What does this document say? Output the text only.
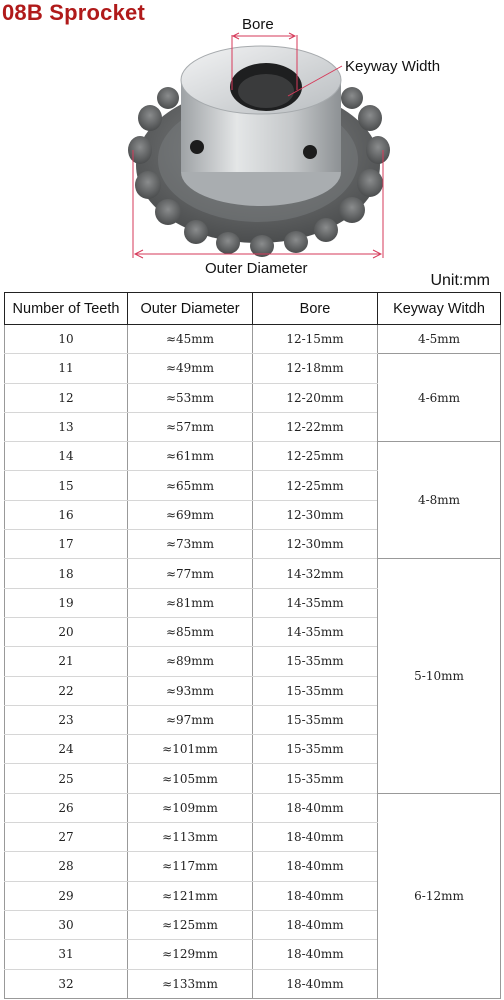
08B Sprocket	Bore
Keyway Width
Outer Diameter
Unit:mm
Number of Teeth	Outer Diameter	Bore	Keyway Witdh
10	≈45mm	12-15mm	4-5mm
11	≈49mm	12-18mm	4-6mm
12	≈53mm	12-20mm	
13	≈57mm	12-22mm	
14	≈61mm	12-25mm	4-8mm
15	≈65mm	12-25mm	
16	≈69mm	12-30mm	
17	≈73mm	12-30mm	
18	≈77mm	14-32mm	5-10mm
19	≈81mm	14-35mm	
20	≈85mm	14-35mm	
21	≈89mm	15-35mm	
22	≈93mm	15-35mm	
23	≈97mm	15-35mm	
24	≈101mm	15-35mm	
25	≈105mm	15-35mm	
26	≈109mm	18-40mm	6-12mm
27	≈113mm	18-40mm	
28	≈117mm	18-40mm	
29	≈121mm	18-40mm	
30	≈125mm	18-40mm	
31	≈129mm	18-40mm	
32	≈133mm	18-40mm	
